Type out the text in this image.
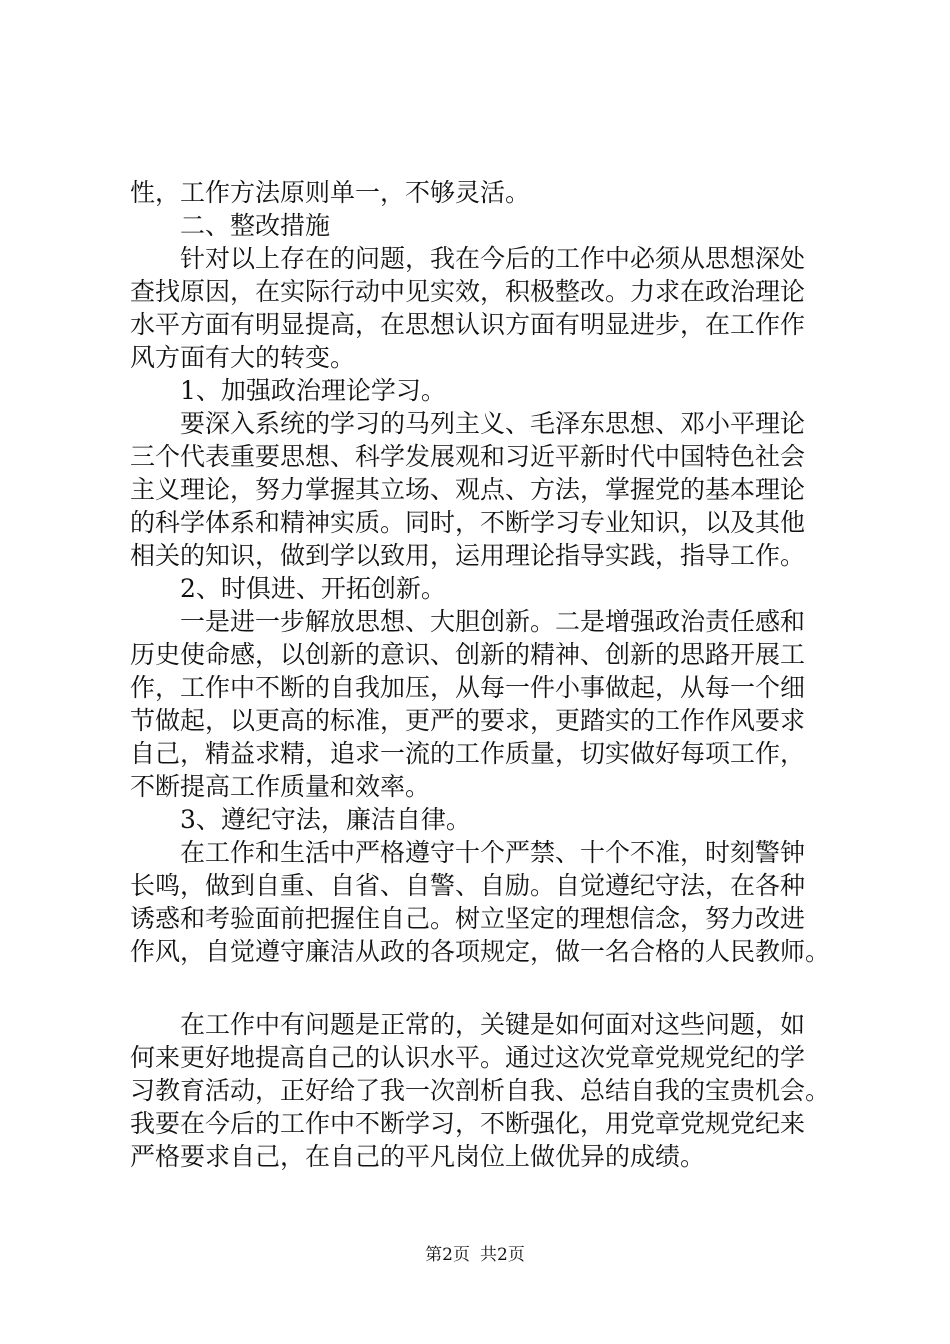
性，工作方法原则单一，不够灵活。
二、整改措施
针对以上存在的问题，我在今后的工作中必须从思想深处
查找原因，在实际行动中见实效，积极整改。力求在政治理论
水平方面有明显提高，在思想认识方面有明显进步，在工作作
风方面有大的转变。
1、加强政治理论学习。
要深入系统的学习的马列主义、毛泽东思想、邓小平理论
三个代表重要思想、科学发展观和习近平新时代中国特色社会
主义理论，努力掌握其立场、观点、方法，掌握党的基本理论
的科学体系和精神实质。同时，不断学习专业知识，以及其他
相关的知识，做到学以致用，运用理论指导实践，指导工作。
2、时俱进、开拓创新。
一是进一步解放思想、大胆创新。二是增强政治责任感和
历史使命感，以创新的意识、创新的精神、创新的思路开展工
作，工作中不断的自我加压，从每一件小事做起，从每一个细
节做起，以更高的标准，更严的要求，更踏实的工作作风要求
自己，精益求精，追求一流的工作质量，切实做好每项工作，
不断提高工作质量和效率。
3、遵纪守法，廉洁自律。
在工作和生活中严格遵守十个严禁、十个不准，时刻警钟
长鸣，做到自重、自省、自警、自励。自觉遵纪守法，在各种
诱惑和考验面前把握住自己。树立坚定的理想信念，努力改进
作风，自觉遵守廉洁从政的各项规定，做一名合格的人民教师。
在工作中有问题是正常的，关键是如何面对这些问题，如
何来更好地提高自己的认识水平。通过这次党章党规党纪的学
习教育活动，正好给了我一次剖析自我、总结自我的宝贵机会。
我要在今后的工作中不断学习，不断强化，用党章党规党纪来
严格要求自己，在自己的平凡岗位上做优异的成绩。
第2页 共2页
